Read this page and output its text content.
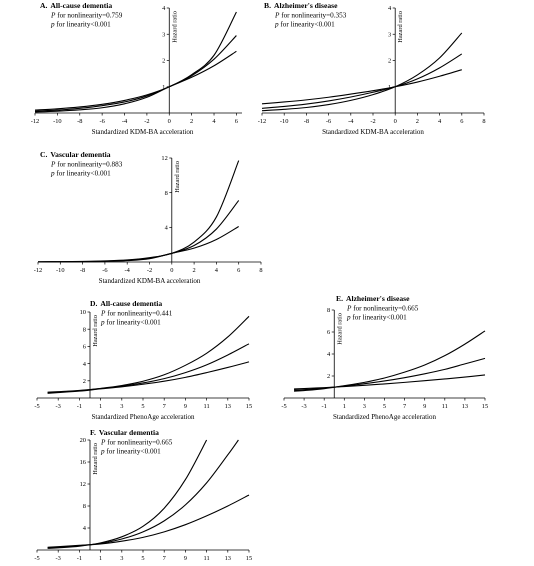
-12 -10 -8	-6	-4	-2	0	2	4	6
1
2
3
4
Hazard ratio
Standardized KDM-BA acceleration
A. All-cause dementia
P for nonlinearity=0.759
p for linearity<0.001
-12 -10 -8	-6	-4	-2	0	2	4	6	8
1
2
3
4
Hazard ratio
Standardized KDM-BA acceleration
B. Alzheimer's disease
P for nonlinearity=0.353
p for linearity<0.001
-12 -10 -8	-6	-4	-2	0	2	4	6	8
4
8
12
Hazard ratio
Standardized KDM-BA acceleration
C. Vascular dementia
P for nonlinearity=0.883
p for linearity<0.001
-5 -3 -1	1	3	5	7	9	11 13 15
2
4
6
8
10
Hazard ratio
Standardized PhenoAge acceleration
D. All-cause dementia
P for nonlinearity=0.441
p for linearity<0.001
-5 -3 -1 1	3	5	7	9 11 13 15
2
4
6
8
Hazard ratio
Standardized PhenoAge acceleration
E. Alzheimer's disease
P for nonlinearity=0.665
p for linearity<0.001
-5 -3 -1	1	3	5	7	9	11 13 15
4
8
12
16
20
Hazard ratio
F. Vascular dementia
P for nonlinearity=0.665
p for linearity<0.001
